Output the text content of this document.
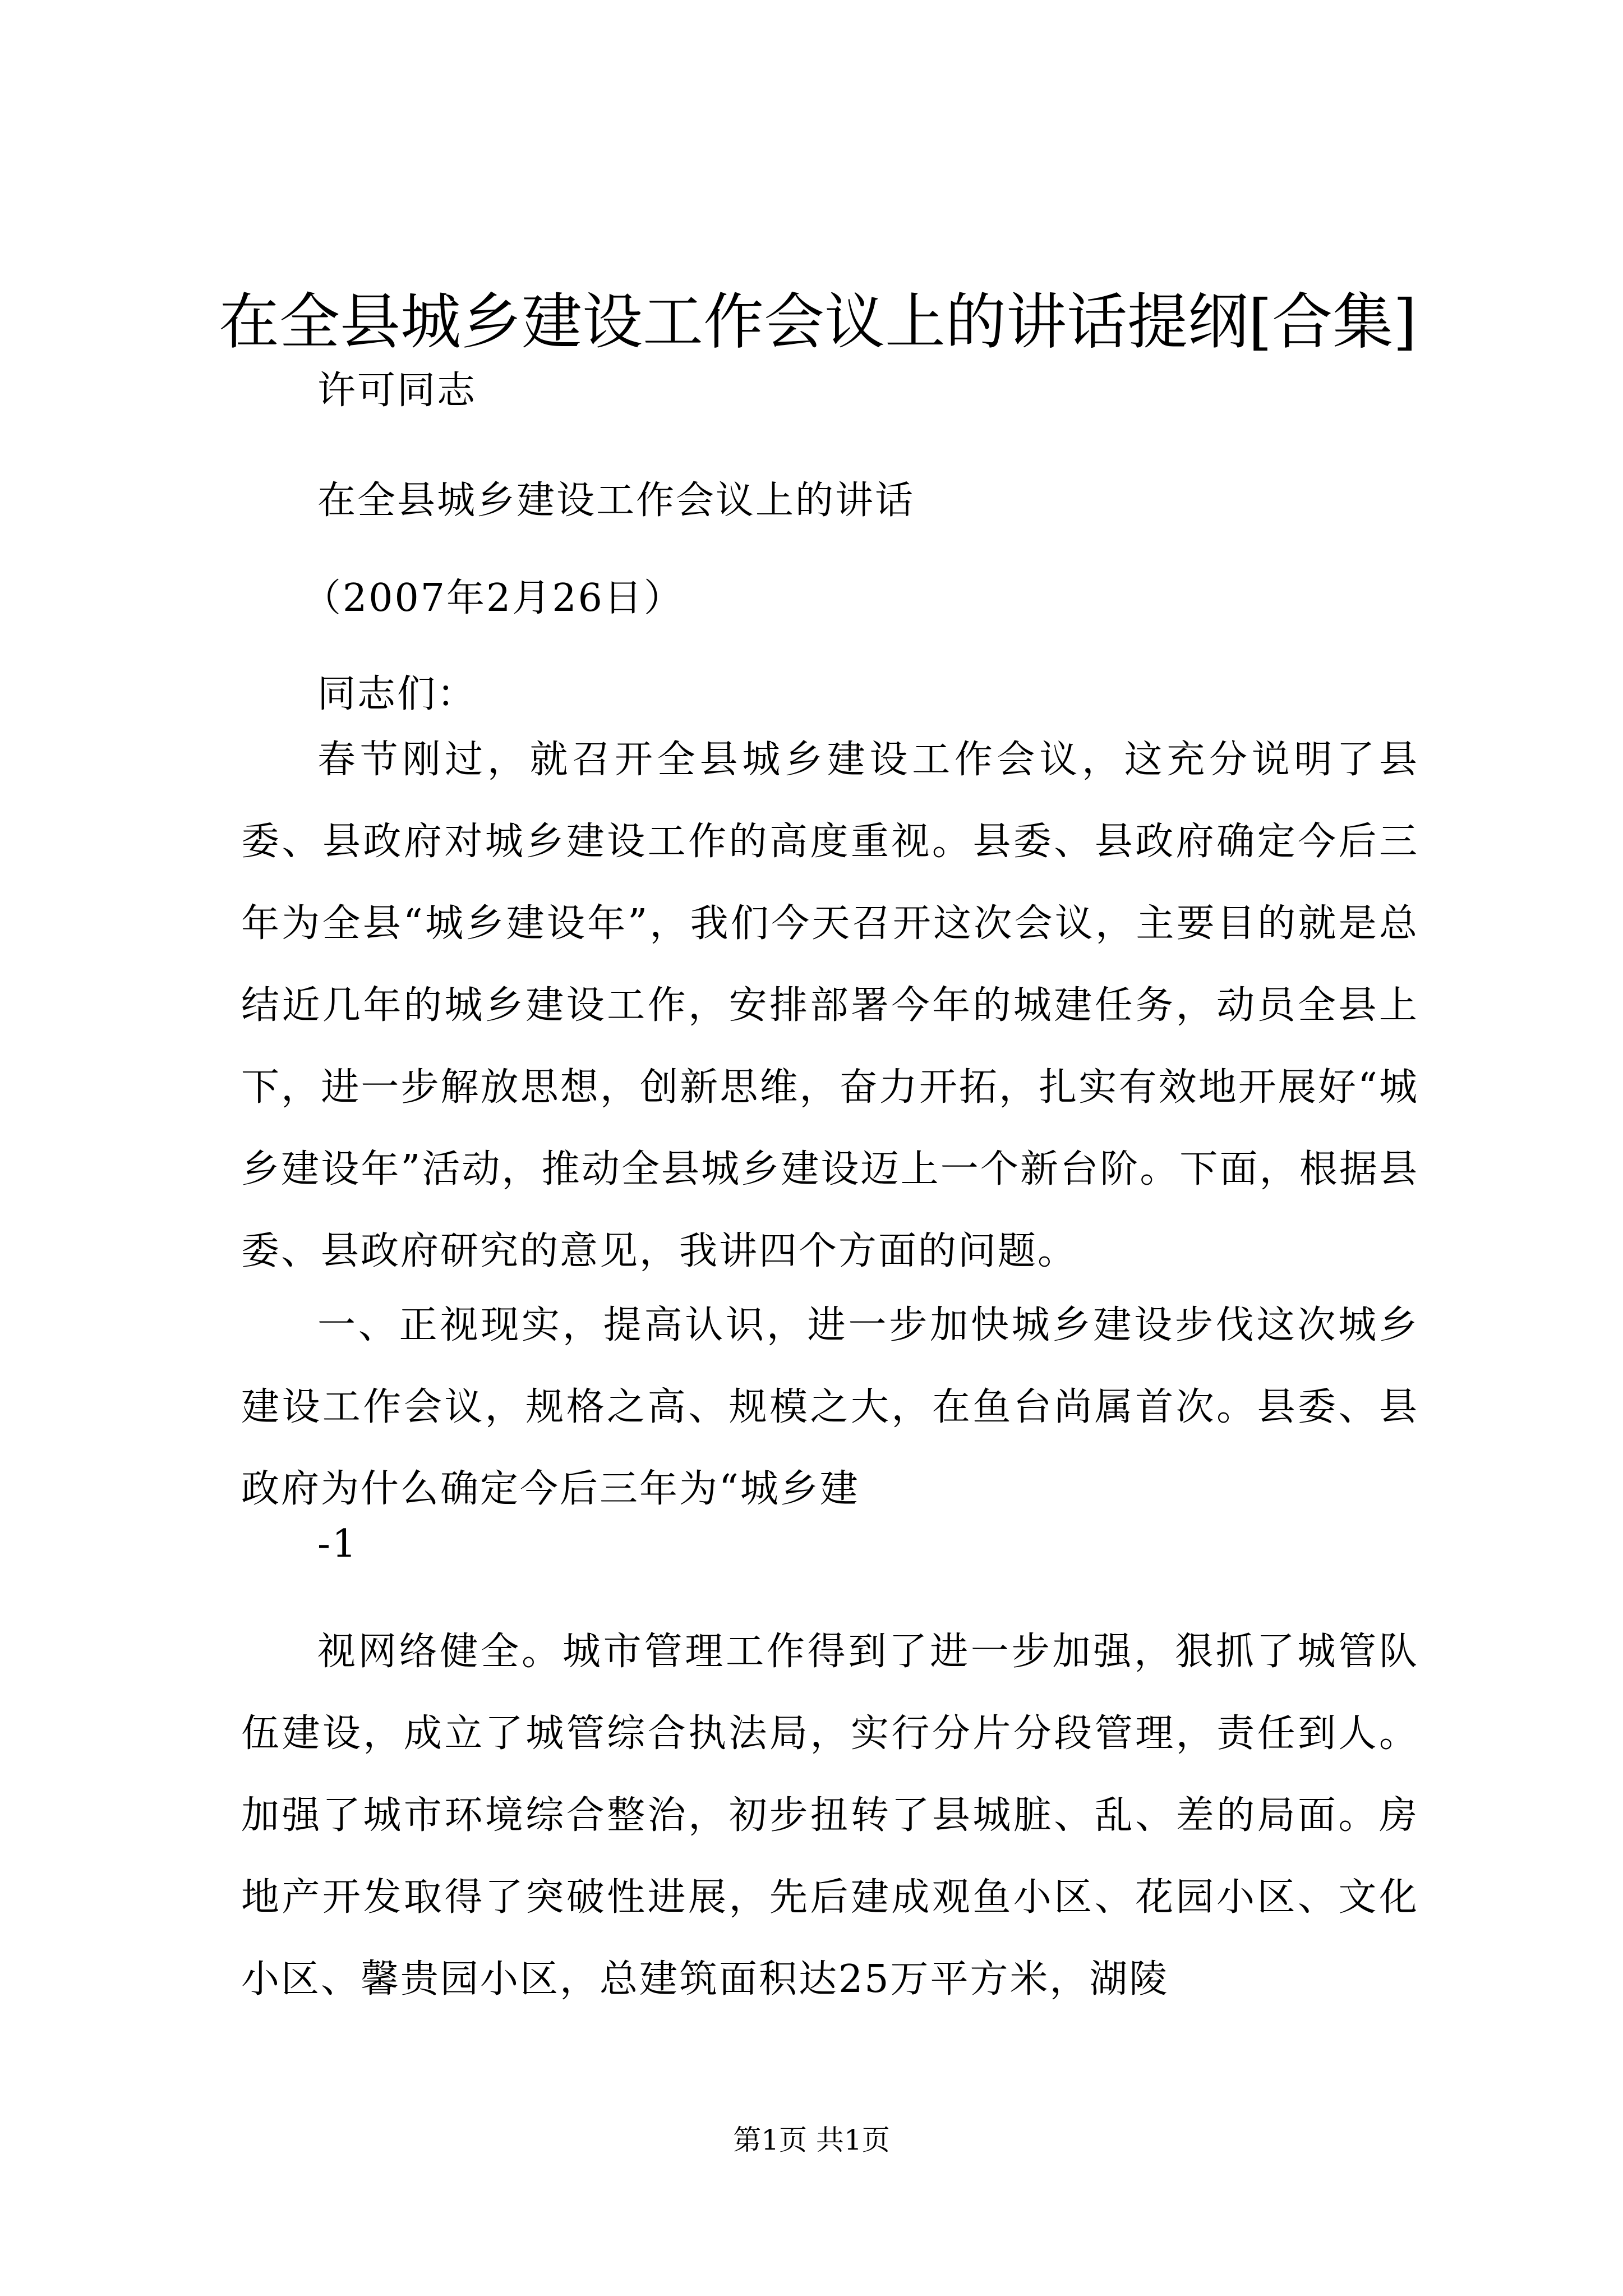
在全县城乡建设工作会议上的讲话提纲[合集]

许可同志

在全县城乡建设工作会议上的讲话

（2007年2月26日）

同志们：

春节刚过，就召开全县城乡建设工作会议，这充分说明了县委、县政府对城乡建设工作的高度重视。县委、县政府确定今后三年为全县“城乡建设年”，我们今天召开这次会议，主要目的就是总结近几年的城乡建设工作，安排部署今年的城建任务，动员全县上下，进一步解放思想，创新思维，奋力开拓，扎实有效地开展好“城乡建设年”活动，推动全县城乡建设迈上一个新台阶。下面，根据县委、县政府研究的意见，我讲四个方面的问题。

一、正视现实，提高认识，进一步加快城乡建设步伐这次城乡建设工作会议，规格之高、规模之大，在鱼台尚属首次。县委、县政府为什么确定今后三年为“城乡建

-1

视网络健全。城市管理工作得到了进一步加强，狠抓了城管队伍建设，成立了城管综合执法局，实行分片分段管理，责任到人。加强了城市环境综合整治，初步扭转了县城脏、乱、差的局面。房地产开发取得了突破性进展，先后建成观鱼小区、花园小区、文化小区、馨贵园小区，总建筑面积达25万平方米，湖陵

第1页 共1页
